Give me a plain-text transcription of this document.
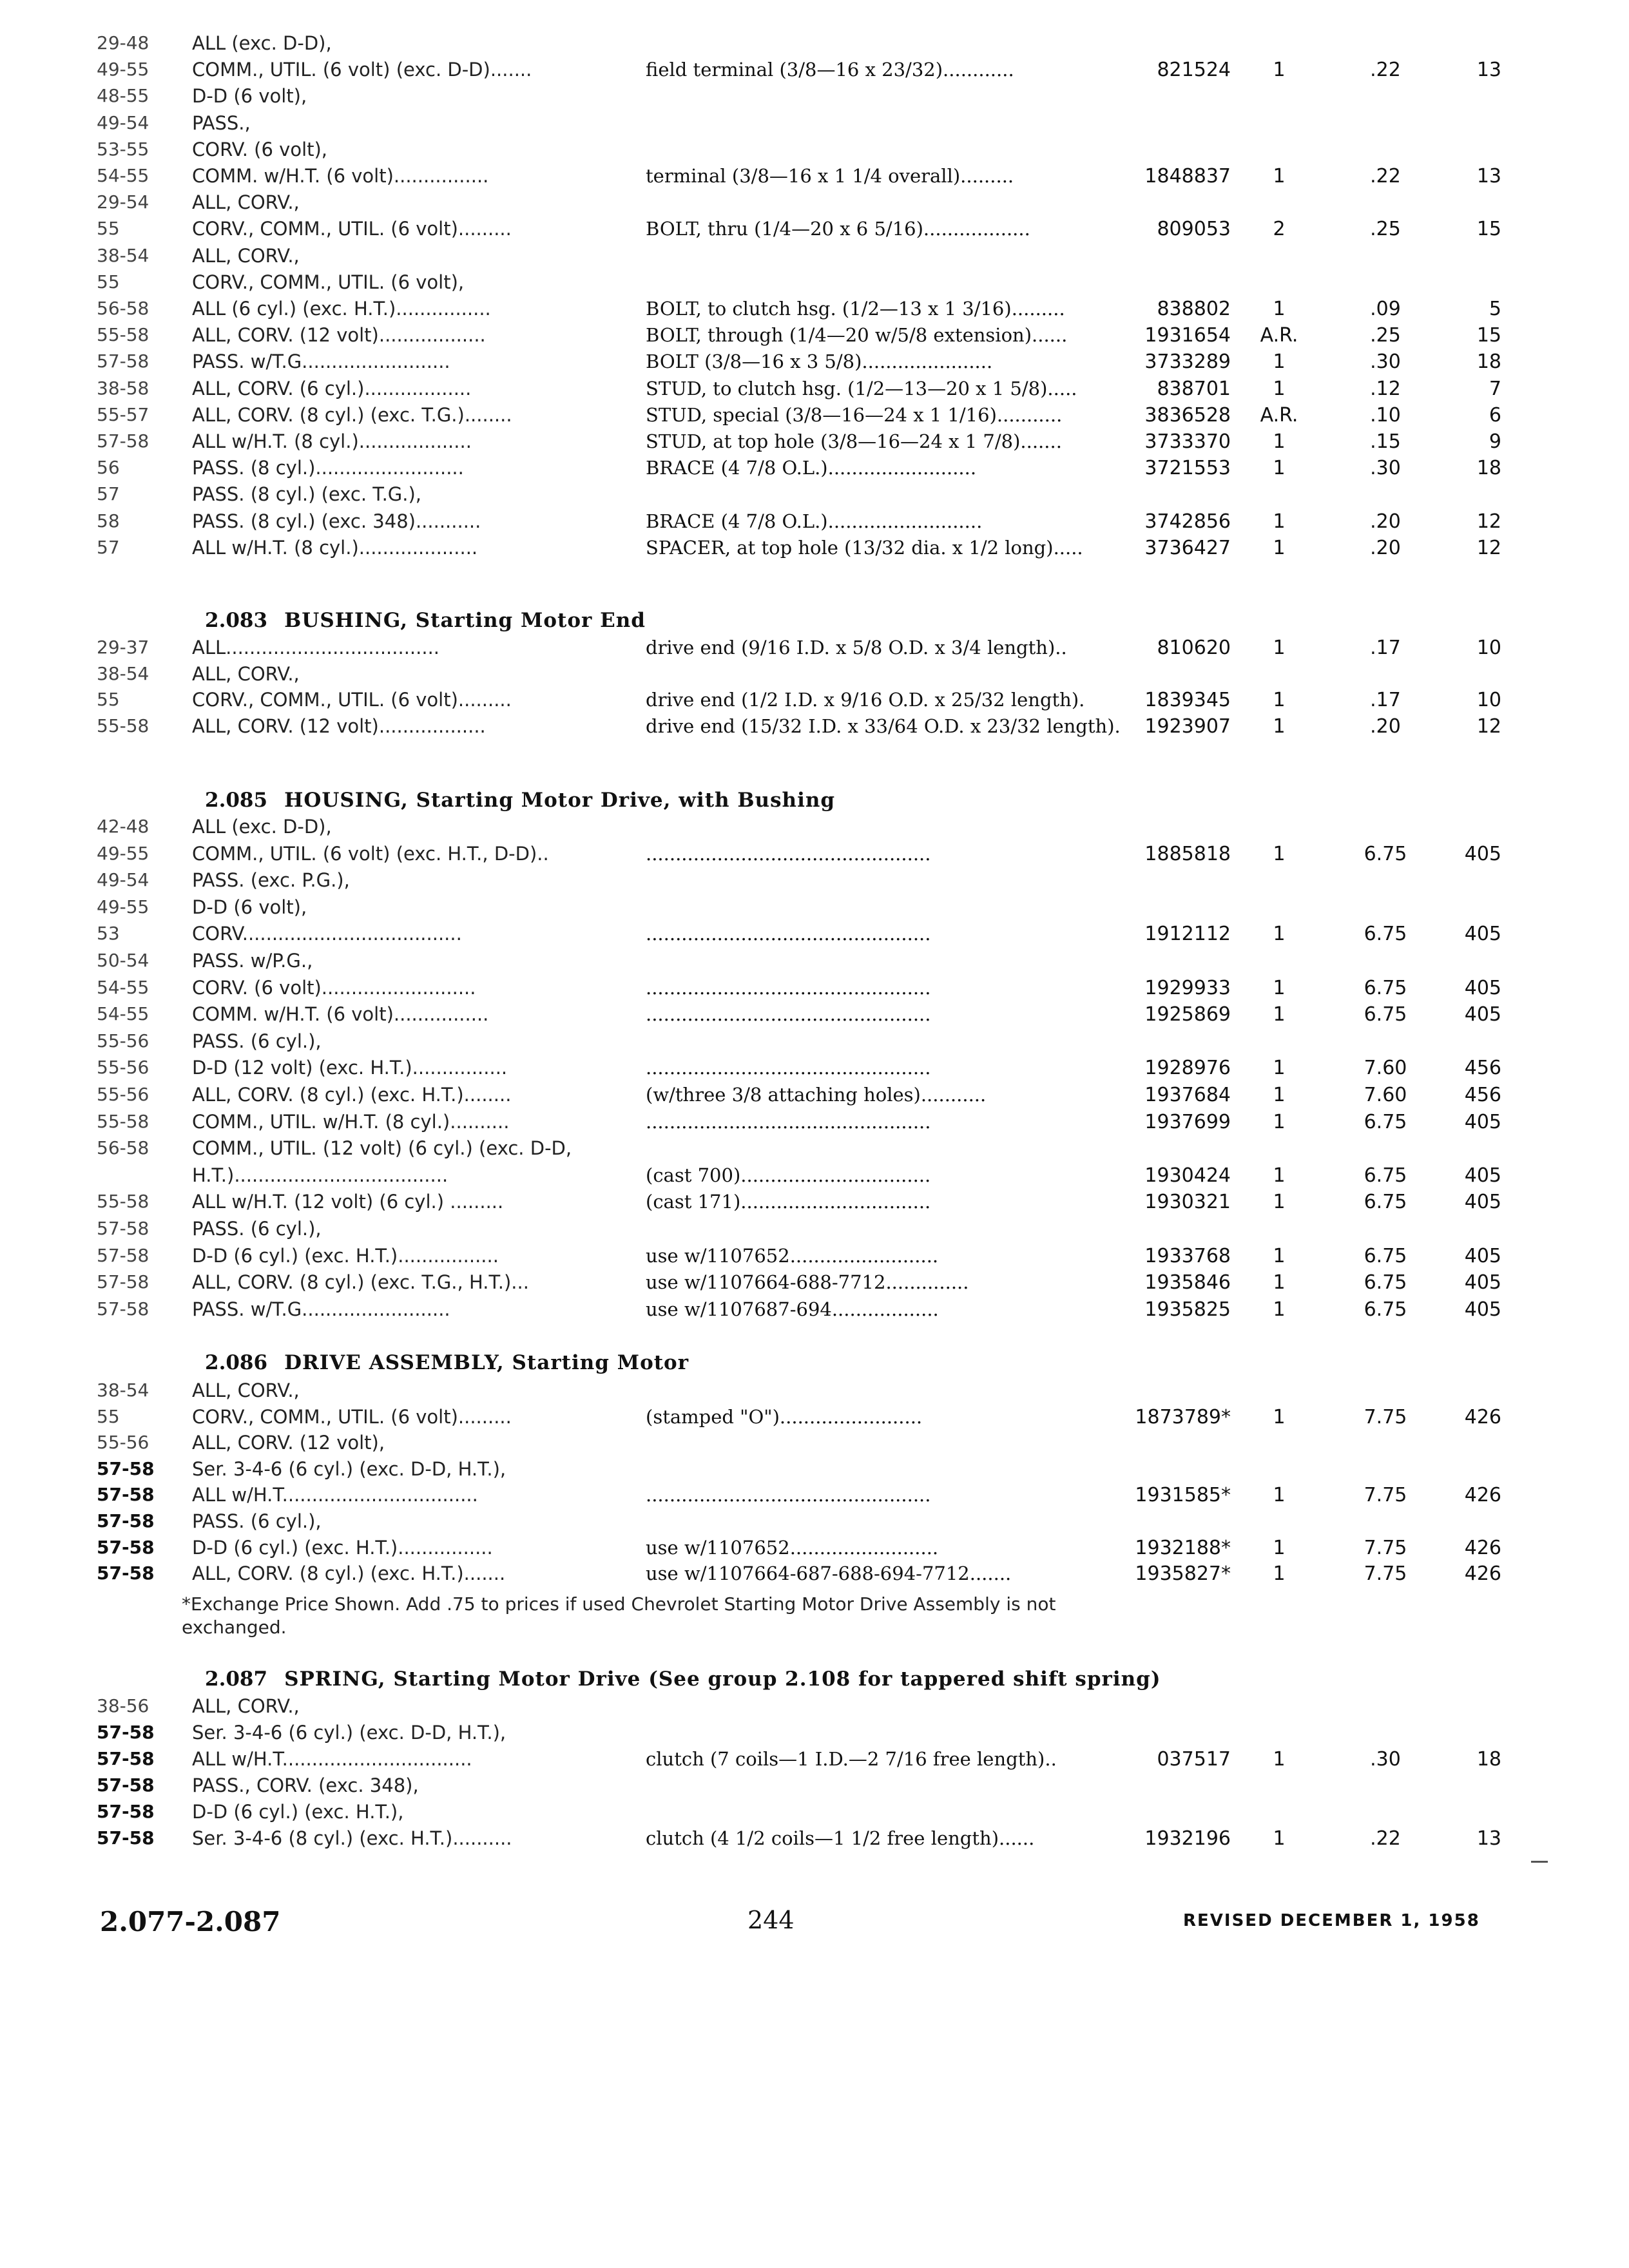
29-48	ALL (exc. D-D),
49-55	COMM., UTIL. (6 volt) (exc. D-D).......	field terminal (3/8—16 x 23/32)............	821524	1	.22	13
48-55	D-D (6 volt),
49-54	PASS.,
53-55	CORV. (6 volt),
54-55	COMM. w/H.T. (6 volt)................	terminal (3/8—16 x 1 1/4 overall).........	1848837	1	.22	13
29-54	ALL, CORV.,
55	CORV., COMM., UTIL. (6 volt).........	BOLT, thru (1/4—20 x 6 5/16)..................	809053	2	.25	15
38-54	ALL, CORV.,
55	CORV., COMM., UTIL. (6 volt),
56-58	ALL (6 cyl.) (exc. H.T.)................	BOLT, to clutch hsg. (1/2—13 x 1 3/16).........	838802	1	.09	5
55-58	ALL, CORV. (12 volt)..................	BOLT, through (1/4—20 w/5/8 extension)......	1931654	A.R.	.25	15
57-58	PASS. w/T.G.........................	BOLT (3/8—16 x 3 5/8)......................	3733289	1	.30	18
38-58	ALL, CORV. (6 cyl.)..................	STUD, to clutch hsg. (1/2—13—20 x 1 5/8).....	838701	1	.12	7
55-57	ALL, CORV. (8 cyl.) (exc. T.G.)........	STUD, special (3/8—16—24 x 1 1/16)...........	3836528	A.R.	.10	6
57-58	ALL w/H.T. (8 cyl.)...................	STUD, at top hole (3/8—16—24 x 1 7/8).......	3733370	1	.15	9
56	PASS. (8 cyl.).........................	BRACE (4 7/8 O.L.).........................	3721553	1	.30	18
57	PASS. (8 cyl.) (exc. T.G.),
58	PASS. (8 cyl.) (exc. 348)...........	BRACE (4 7/8 O.L.)..........................	3742856	1	.20	12
57	ALL w/H.T. (8 cyl.)....................	SPACER, at top hole (13/32 dia. x 1/2 long).....	3736427	1	.20	12
2.083 BUSHING, Starting Motor End
29-37	ALL....................................	drive end (9/16 I.D. x 5/8 O.D. x 3/4 length)..	810620	1	.17	10
38-54	ALL, CORV.,
55	CORV., COMM., UTIL. (6 volt).........	drive end (1/2 I.D. x 9/16 O.D. x 25/32 length).	1839345	1	.17	10
55-58	ALL, CORV. (12 volt)..................	drive end (15/32 I.D. x 33/64 O.D. x 23/32 length).	1923907	1	.20	12
2.085 HOUSING, Starting Motor Drive, with Bushing
42-48	ALL (exc. D-D),
49-55	COMM., UTIL. (6 volt) (exc. H.T., D-D)..	................................................	1885818	1	6.75	405
49-54	PASS. (exc. P.G.),
49-55	D-D (6 volt),
53	CORV.....................................	................................................	1912112	1	6.75	405
50-54	PASS. w/P.G.,
54-55	CORV. (6 volt)..........................	................................................	1929933	1	6.75	405
54-55	COMM. w/H.T. (6 volt)................	................................................	1925869	1	6.75	405
55-56	PASS. (6 cyl.),
55-56	D-D (12 volt) (exc. H.T.)................	................................................	1928976	1	7.60	456
55-56	ALL, CORV. (8 cyl.) (exc. H.T.)........	(w/three 3/8 attaching holes)...........	1937684	1	7.60	456
55-58	COMM., UTIL. w/H.T. (8 cyl.)..........	................................................	1937699	1	6.75	405
56-58	COMM., UTIL. (12 volt) (6 cyl.) (exc. D-D,
H.T.)....................................	(cast 700)................................	1930424	1	6.75	405
55-58	ALL w/H.T. (12 volt) (6 cyl.) .........	(cast 171)................................	1930321	1	6.75	405
57-58	PASS. (6 cyl.),
57-58	D-D (6 cyl.) (exc. H.T.).................	use w/1107652.........................	1933768	1	6.75	405
57-58	ALL, CORV. (8 cyl.) (exc. T.G., H.T.)...	use w/1107664-688-7712..............	1935846	1	6.75	405
57-58	PASS. w/T.G.........................	use w/1107687-694..................	1935825	1	6.75	405
2.086 DRIVE ASSEMBLY, Starting Motor
38-54	ALL, CORV.,
55	CORV., COMM., UTIL. (6 volt).........	(stamped "O")........................	1873789*	1	7.75	426
55-56	ALL, CORV. (12 volt),
57-58	Ser. 3-4-6 (6 cyl.) (exc. D-D, H.T.),
57-58	ALL w/H.T.................................	................................................	1931585*	1	7.75	426
57-58	PASS. (6 cyl.),
57-58	D-D (6 cyl.) (exc. H.T.)................	use w/1107652.........................	1932188*	1	7.75	426
57-58	ALL, CORV. (8 cyl.) (exc. H.T.).......	use w/1107664-687-688-694-7712.......	1935827*	1	7.75	426
*Exchange Price Shown. Add .75 to prices if used Chevrolet Starting Motor Drive Assembly is not exchanged.
2.087 SPRING, Starting Motor Drive (See group 2.108 for tappered shift spring)
38-56	ALL, CORV.,
57-58	Ser. 3-4-6 (6 cyl.) (exc. D-D, H.T.),
57-58	ALL w/H.T................................	clutch (7 coils—1 I.D.—2 7/16 free length)..	037517	1	.30	18
57-58	PASS., CORV. (exc. 348),
57-58	D-D (6 cyl.) (exc. H.T.),
57-58	Ser. 3-4-6 (8 cyl.) (exc. H.T.)..........	clutch (4 1/2 coils—1 1/2 free length)......	1932196	1	.22	13
2.077-2.087	244	REVISED DECEMBER 1, 1958
